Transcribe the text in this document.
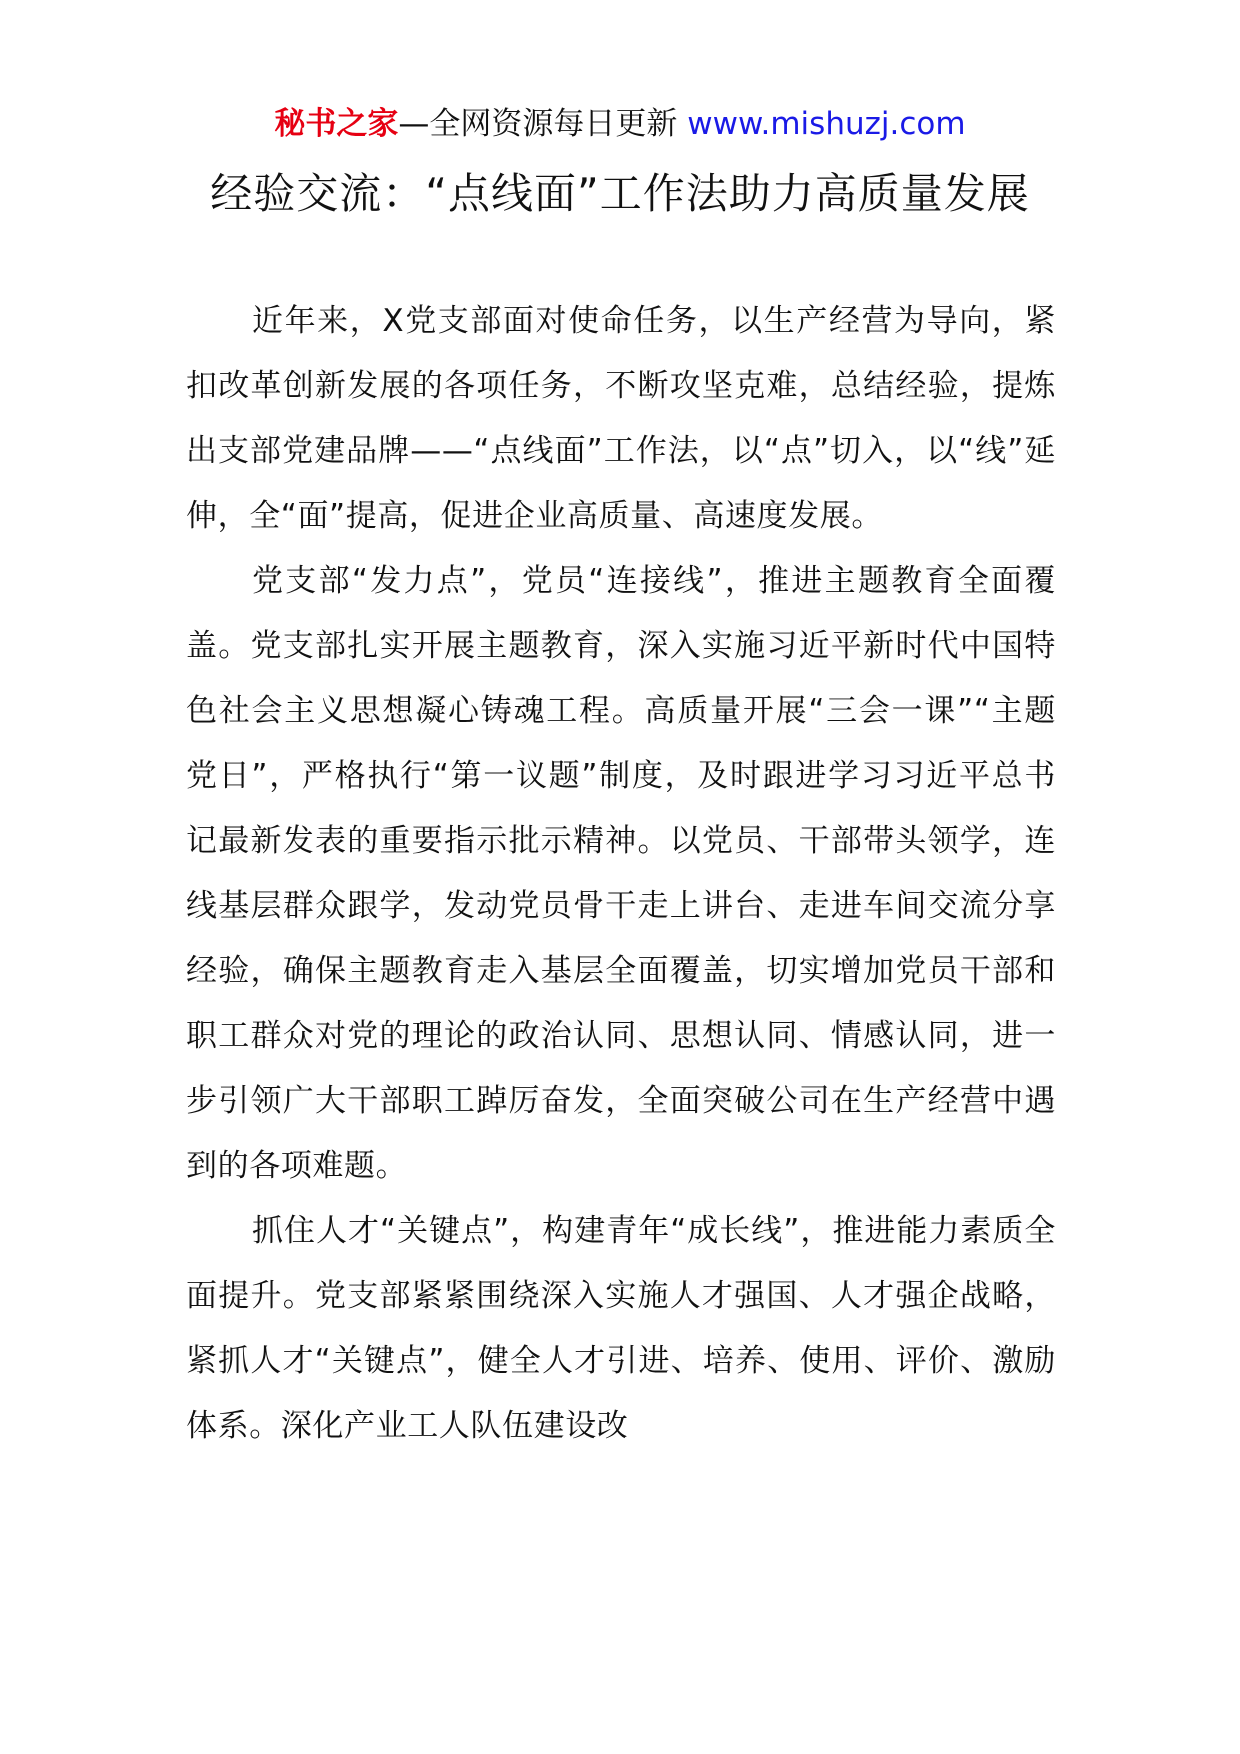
秘书之家—全网资源每日更新 www.mishuzj.com
经验交流：“点线面”工作法助力高质量发展

近年来，X党支部面对使命任务，以生产经营为导向，紧扣改革创新发展的各项任务，不断攻坚克难，总结经验，提炼出支部党建品牌——“点线面”工作法，以“点”切入，以“线”延伸，全“面”提高，促进企业高质量、高速度发展。

党支部“发力点”，党员“连接线”，推进主题教育全面覆盖。党支部扎实开展主题教育，深入实施习近平新时代中国特色社会主义思想凝心铸魂工程。高质量开展“三会一课”“主题党日”，严格执行“第一议题”制度，及时跟进学习习近平总书记最新发表的重要指示批示精神。以党员、干部带头领学，连线基层群众跟学，发动党员骨干走上讲台、走进车间交流分享经验，确保主题教育走入基层全面覆盖，切实增加党员干部和职工群众对党的理论的政治认同、思想认同、情感认同，进一步引领广大干部职工踔厉奋发，全面突破公司在生产经营中遇到的各项难题。

抓住人才“关键点”，构建青年“成长线”，推进能力素质全面提升。党支部紧紧围绕深入实施人才强国、人才强企战略，紧抓人才“关键点”，健全人才引进、培养、使用、评价、激励体系。深化产业工人队伍建设改
